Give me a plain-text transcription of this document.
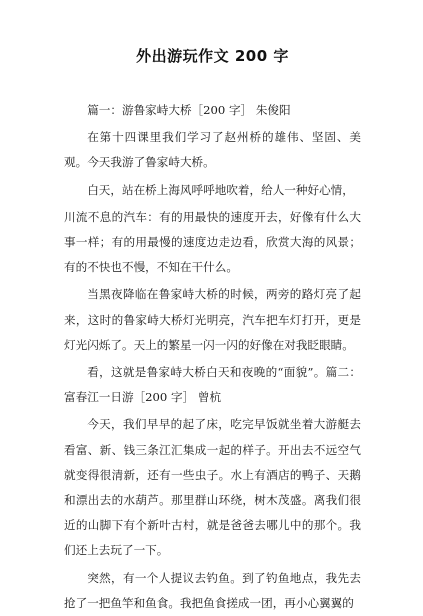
外出游玩作文 200 字

篇一：游鲁家峙大桥［200 字］ 朱俊阳

在第十四课里我们学习了赵州桥的雄伟、坚固、美观。今天我游了鲁家峙大桥。

白天，站在桥上海风呼呼地吹着，给人一种好心情，

川流不息的汽车：有的用最快的速度开去，好像有什么大事一样；有的用最慢的速度边走边看，欣赏大海的风景；有的不快也不慢，不知在干什么。

当黑夜降临在鲁家峙大桥的时候，两旁的路灯亮了起来，这时的鲁家峙大桥灯光明亮，汽车把车灯打开，更是灯光闪烁了。天上的繁星一闪一闪的好像在对我眨眼睛。

看，这就是鲁家峙大桥白天和夜晚的“面貌”。篇二：富春江一日游［200 字］ 曾杭

今天，我们早早的起了床，吃完早饭就坐着大游艇去看富、新、钱三条江汇集成一起的样子。开出去不远空气就变得很清新，还有一些虫子。水上有酒店的鸭子、天鹅和漂出去的水葫芦。那里群山环绕，树木茂盛。离我们很近的山脚下有个新叶古村，就是爸爸去哪儿中的那个。我们还上去玩了一下。

突然，有一个人提议去钓鱼。到了钓鱼地点，我先去抢了一把鱼竿和鱼食。我把鱼食搓成一团，再小心翼翼的
